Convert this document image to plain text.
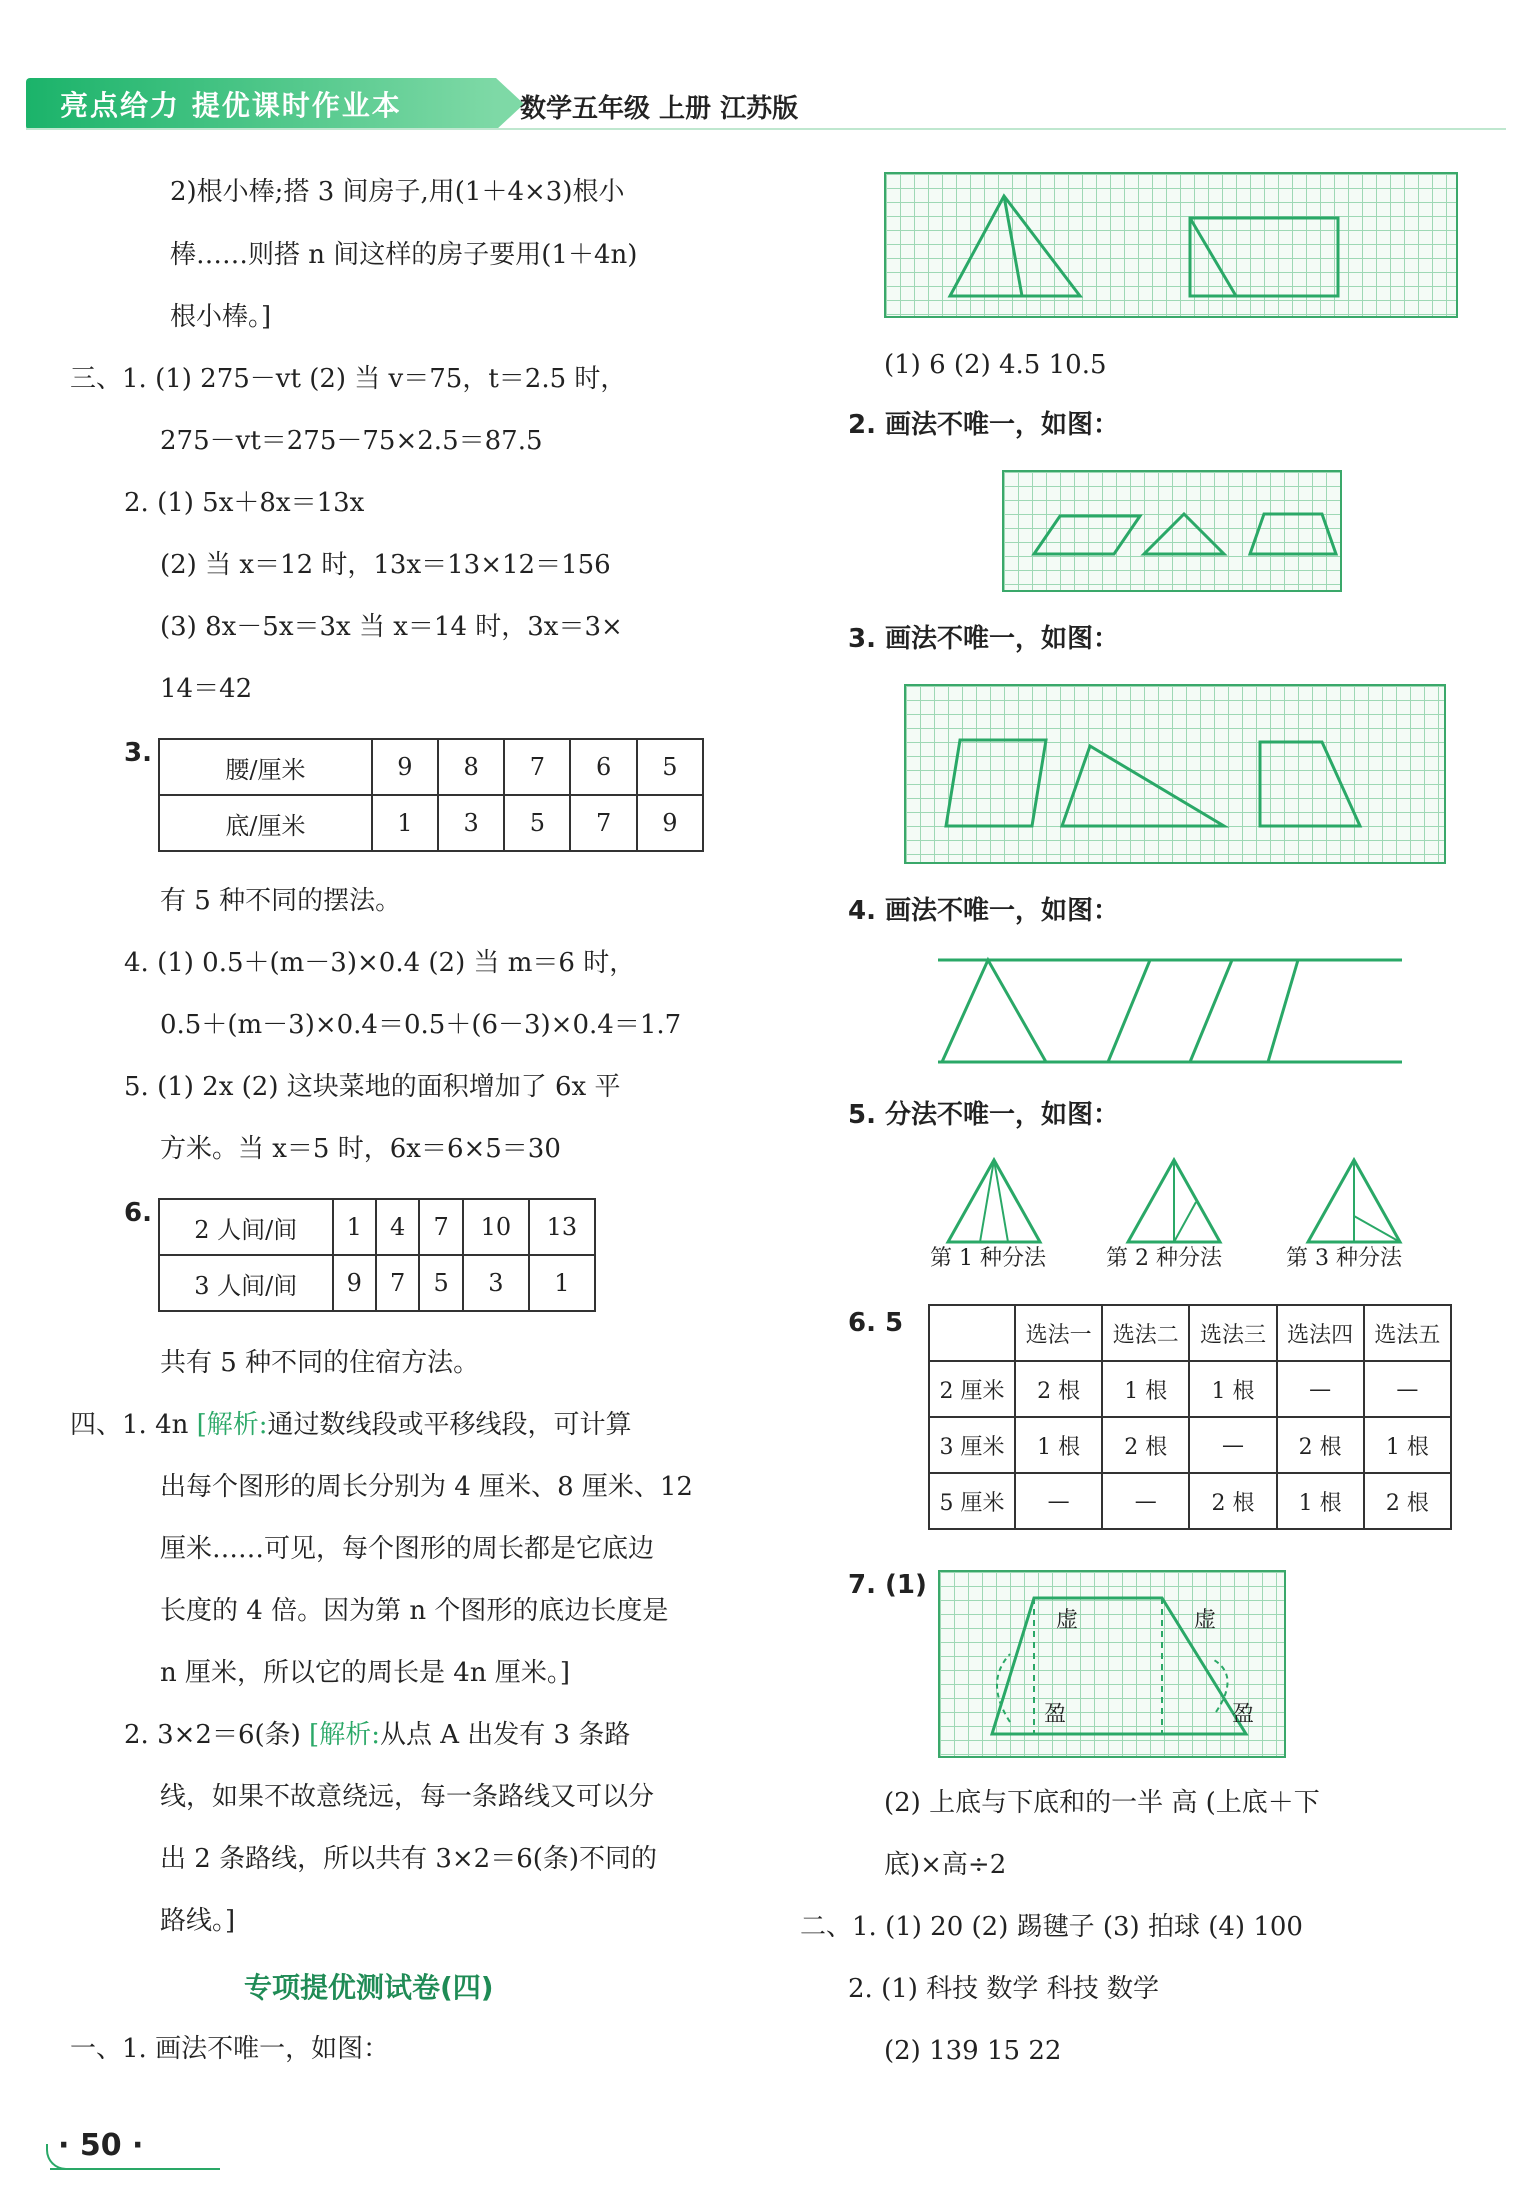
亮点给力 提优课时作业本	数学五年级 上册 江苏版
2)根小棒;搭 3 间房子,用(1＋4×3)根小
棒……则搭 n 间这样的房子要用(1＋4n)
根小棒。]
三、1. (1) 275－vt (2) 当 v＝75，t＝2.5 时，
275－vt＝275－75×2.5＝87.5
2. (1) 5x＋8x＝13x
(2) 当 x＝12 时，13x＝13×12＝156
(3) 8x－5x＝3x 当 x＝14 时，3x＝3×
14＝42
3.
腰/厘米	9	8	7	6	5
底/厘米	1	3	5	7	9
有 5 种不同的摆法。
4. (1) 0.5＋(m－3)×0.4 (2) 当 m＝6 时，
0.5＋(m－3)×0.4＝0.5＋(6－3)×0.4＝1.7
5. (1) 2x (2) 这块菜地的面积增加了 6x 平
方米。当 x＝5 时，6x＝6×5＝30
6.
2 人间/间	1	4	7	10	13
3 人间/间	9	7	5	3	1
共有 5 种不同的住宿方法。
四、1. 4n [解析:通过数线段或平移线段，可计算
出每个图形的周长分别为 4 厘米、8 厘米、12
厘米……可见，每个图形的周长都是它底边
长度的 4 倍。因为第 n 个图形的底边长度是
n 厘米，所以它的周长是 4n 厘米。]
2. 3×2＝6(条) [解析:从点 A 出发有 3 条路
线，如果不故意绕远，每一条路线又可以分
出 2 条路线，所以共有 3×2＝6(条)不同的
路线。]
专项提优测试卷(四)
一、1. 画法不唯一，如图：
· 50 ·
(1) 6 (2) 4.5 10.5
2. 画法不唯一，如图：
3. 画法不唯一，如图：
4. 画法不唯一，如图：
5. 分法不唯一，如图：
第 1 种分法	第 2 种分法	第 3 种分法
6. 5
		选法一	选法二	选法三	选法四	选法五
2 厘米	2 根	1 根	1 根	—	—
3 厘米	1 根	2 根	—	2 根	1 根
5 厘米	—	—	2 根	1 根	2 根
7. (1)
虚	虚
盈	盈
(2) 上底与下底和的一半 高 (上底＋下
底)×高÷2
二、1. (1) 20 (2) 踢毽子 (3) 拍球 (4) 100
2. (1) 科技 数学 科技 数学
(2) 139 15 22
